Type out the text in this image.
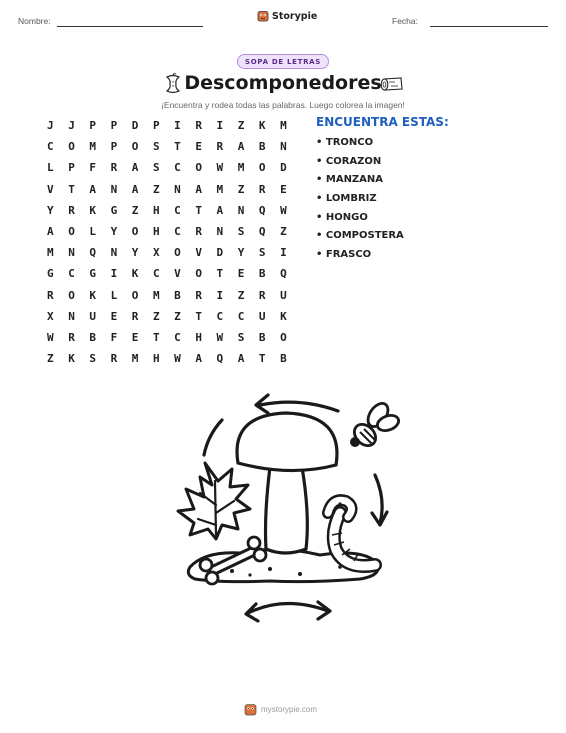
Nombre:	Storypie	Fecha:
SOPA DE LETRAS
Descomponedores
¡Encuentra y rodea todas las palabras. Luego colorea la imagen!
J	J	P	P	D	P	I	R	I	Z	K	M
C	O	M	P	O	S	T	E	R	A	B	N
L	P	F	R	A	S	C	O	W	M	O	D
V	T	A	N	A	Z	N	A	M	Z	R	E
Y	R	K	G	Z	H	C	T	A	N	Q	W
A	O	L	Y	O	H	C	R	N	S	Q	Z
M	N	Q	N	Y	X	O	V	D	Y	S	I
G	C	G	I	K	C	V	O	T	E	B	Q
R	O	K	L	O	M	B	R	I	Z	R	U
X	N	U	E	R	Z	Z	T	C	C	U	K
W	R	B	F	E	T	C	H	W	S	B	O
Z	K	S	R	M	H	W	A	Q	A	T	B
ENCUENTRA ESTAS:
• TRONCO
• CORAZON
• MANZANA
• LOMBRIZ
• HONGO
• COMPOSTERA
• FRASCO
mystorypie.com
